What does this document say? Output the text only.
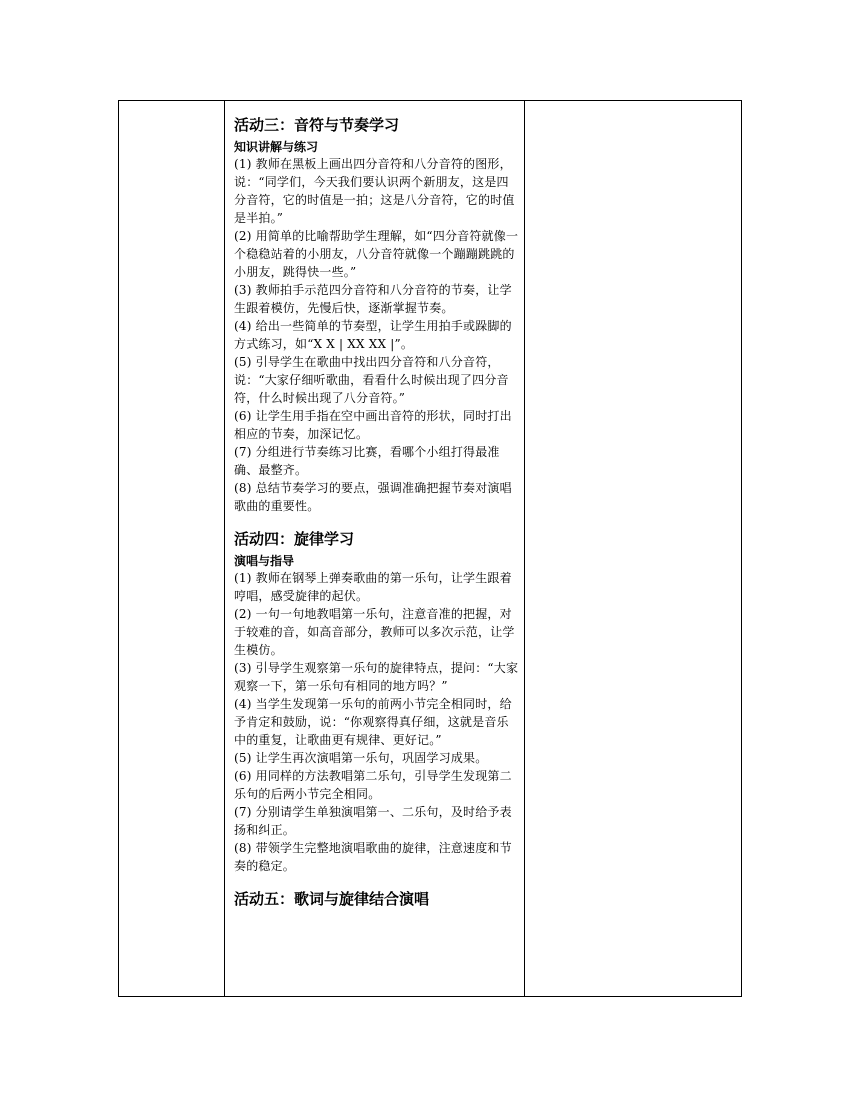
活动三：音符与节奏学习
知识讲解与练习

(1) 教师在黑板上画出四分音符和八分音符的图形，说：“同学们，今天我们要认识两个新朋友，这是四分音符，它的时值是一拍；这是八分音符，它的时值是半拍。”

(2) 用简单的比喻帮助学生理解，如“四分音符就像一个稳稳站着的小朋友，八分音符就像一个蹦蹦跳跳的小朋友，跳得快一些。”

(3) 教师拍手示范四分音符和八分音符的节奏，让学生跟着模仿，先慢后快，逐渐掌握节奏。

(4) 给出一些简单的节奏型，让学生用拍手或跺脚的方式练习，如“X X | XX XX |”。

(5) 引导学生在歌曲中找出四分音符和八分音符，说：“大家仔细听歌曲，看看什么时候出现了四分音符，什么时候出现了八分音符。”

(6) 让学生用手指在空中画出音符的形状，同时打出相应的节奏，加深记忆。

(7) 分组进行节奏练习比赛，看哪个小组打得最准确、最整齐。

(8) 总结节奏学习的要点，强调准确把握节奏对演唱歌曲的重要性。

活动四：旋律学习
演唱与指导

(1) 教师在钢琴上弹奏歌曲的第一乐句，让学生跟着哼唱，感受旋律的起伏。

(2) 一句一句地教唱第一乐句，注意音准的把握，对于较难的音，如高音部分，教师可以多次示范，让学生模仿。

(3) 引导学生观察第一乐句的旋律特点，提问：“大家观察一下，第一乐句有相同的地方吗？”

(4) 当学生发现第一乐句的前两小节完全相同时，给予肯定和鼓励，说：“你观察得真仔细，这就是音乐中的重复，让歌曲更有规律、更好记。”

(5) 让学生再次演唱第一乐句，巩固学习成果。

(6) 用同样的方法教唱第二乐句，引导学生发现第二乐句的后两小节完全相同。

(7) 分别请学生单独演唱第一、二乐句，及时给予表扬和纠正。

(8) 带领学生完整地演唱歌曲的旋律，注意速度和节奏的稳定。

活动五：歌词与旋律结合演唱
